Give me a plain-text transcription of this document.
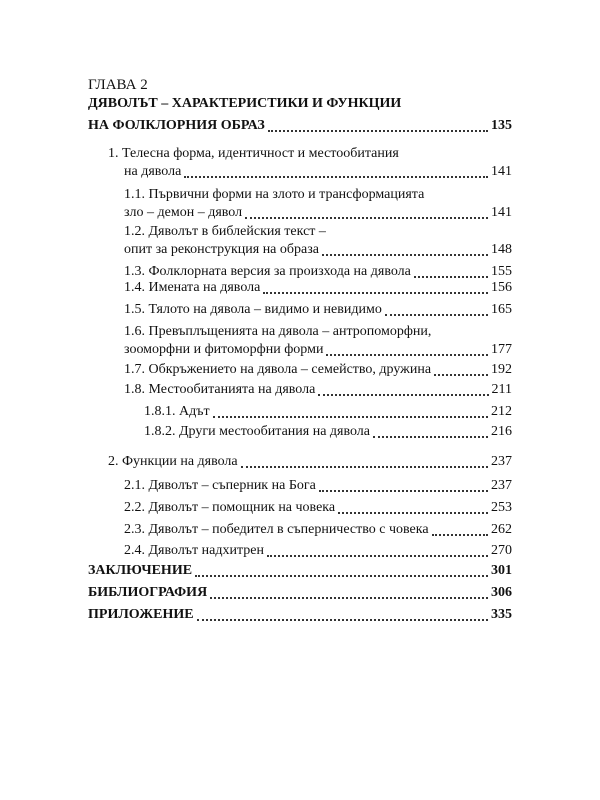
ГЛАВА 2
ДЯВОЛЪТ – ХАРАКТЕРИСТИКИ И ФУНКЦИИ
НА ФОЛКЛОРНИЯ ОБРАЗ	135
1. Телесна форма, идентичност и местообитания
на дявола	141
1.1. Първични форми на злото и трансформацията
зло – демон – дявол	141
1.2. Дяволът в библейския текст –
опит за реконструкция на образа	148
1.3. Фолклорната версия за произхода на дявола	155
1.4. Имената на дявола	156
1.5. Тялото на дявола – видимо и невидимо	165
1.6. Превъплъщенията на дявола – антропоморфни,
зооморфни и фитоморфни форми	177
1.7. Обкръжението на дявола – семейство, дружина	192
1.8. Местообитанията на дявола	211
1.8.1. Адът	212
1.8.2. Други местообитания на дявола	216
2. Функции на дявола	237
2.1. Дяволът – съперник на Бога	237
2.2. Дяволът – помощник на човека	253
2.3. Дяволът – победител в съперничество с човека	262
2.4. Дяволът надхитрен	270
ЗАКЛЮЧЕНИЕ	301
БИБЛИОГРАФИЯ	306
ПРИЛОЖЕНИЕ	335
